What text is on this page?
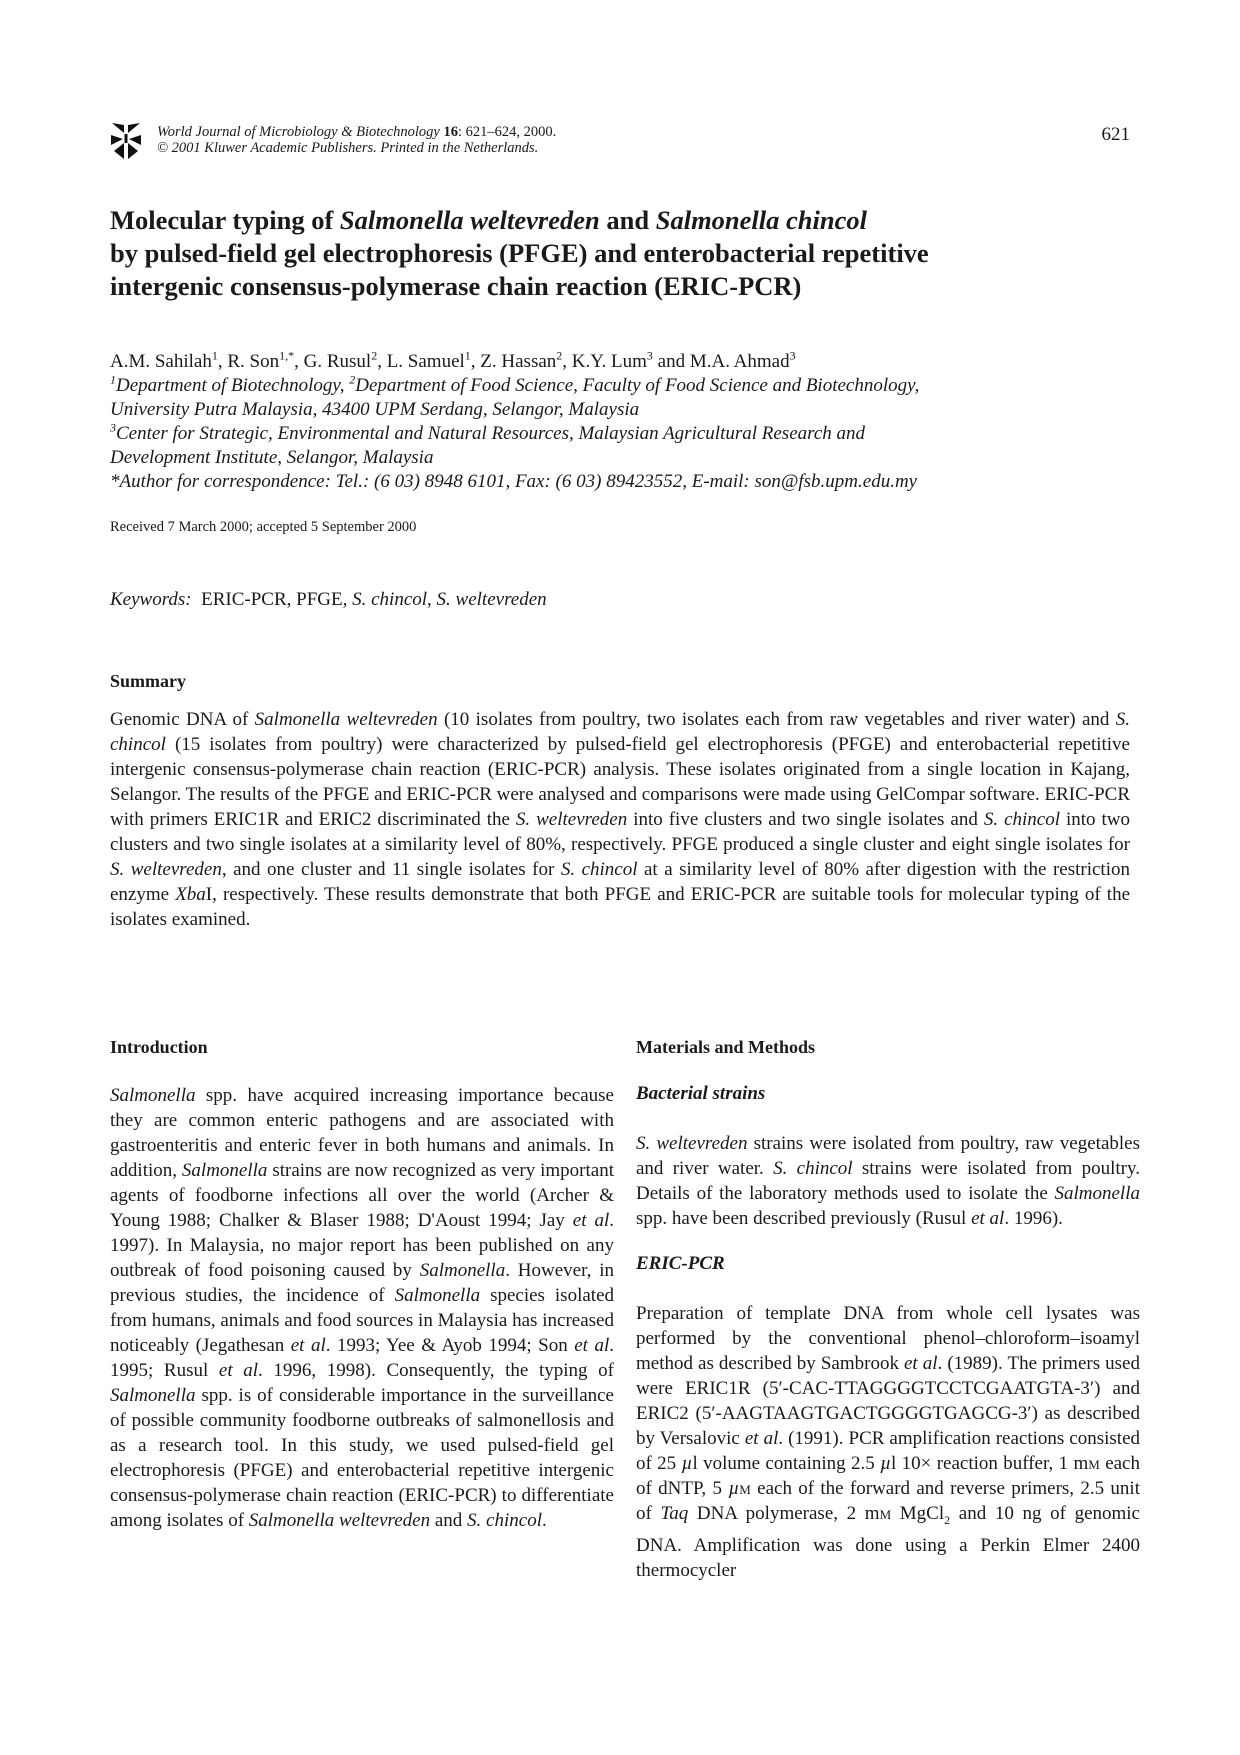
World Journal of Microbiology & Biotechnology 16: 621–624, 2000.
© 2001 Kluwer Academic Publishers. Printed in the Netherlands.
621
Molecular typing of Salmonella weltevreden and Salmonella chincol
by pulsed-field gel electrophoresis (PFGE) and enterobacterial repetitive
intergenic consensus-polymerase chain reaction (ERIC-PCR)
A.M. Sahilah$^1$, R. Son$^{1,*}$, G. Rusul$^2$, L. Samuel$^1$, Z. Hassan$^2$, K.Y. Lum$^3$ and M.A. Ahmad$^3$
$^1$Department of Biotechnology, $^2$Department of Food Science, Faculty of Food Science and Biotechnology,
University Putra Malaysia, 43400 UPM Serdang, Selangor, Malaysia
$^3$Center for Strategic, Environmental and Natural Resources, Malaysian Agricultural Research and
Development Institute, Selangor, Malaysia
*Author for correspondence: Tel.: (6 03) 8948 6101, Fax: (6 03) 89423552, E-mail: son@fsb.upm.edu.my
Received 7 March 2000; accepted 5 September 2000
Keywords: ERIC-PCR, PFGE, S. chincol, S. weltevreden
Summary

Genomic DNA of Salmonella weltevreden (10 isolates from poultry, two isolates each from raw vegetables and river water) and S. chincol (15 isolates from poultry) were characterized by pulsed-field gel electrophoresis (PFGE) and enterobacterial repetitive intergenic consensus-polymerase chain reaction (ERIC-PCR) analysis. These isolates originated from a single location in Kajang, Selangor. The results of the PFGE and ERIC-PCR were analysed and comparisons were made using GelCompar software. ERIC-PCR with primers ERIC1R and ERIC2 discriminated the S. weltevreden into five clusters and two single isolates and S. chincol into two clusters and two single isolates at a similarity level of 80%, respectively. PFGE produced a single cluster and eight single isolates for S. weltevreden, and one cluster and 11 single isolates for S. chincol at a similarity level of 80% after digestion with the restriction enzyme XbaI, respectively. These results demonstrate that both PFGE and ERIC-PCR are suitable tools for molecular typing of the isolates examined.

Introduction

Salmonella spp. have acquired increasing importance because they are common enteric pathogens and are associated with gastroenteritis and enteric fever in both humans and animals. In addition, Salmonella strains are now recognized as very important agents of foodborne infections all over the world (Archer & Young 1988; Chalker & Blaser 1988; D'Aoust 1994; Jay et al. 1997). In Malaysia, no major report has been published on any outbreak of food poisoning caused by Salmonella. However, in previous studies, the incidence of Salmonella species isolated from humans, animals and food sources in Malaysia has increased noticeably (Jegathesan et al. 1993; Yee & Ayob 1994; Son et al. 1995; Rusul et al. 1996, 1998). Consequently, the typing of Salmonella spp. is of considerable importance in the surveillance of possible community foodborne outbreaks of salmonellosis and as a research tool. In this study, we used pulsed-field gel electrophoresis (PFGE) and enterobacterial repetitive intergenic consensus-polymerase chain reaction (ERIC-PCR) to differentiate among isolates of Salmonella weltevreden and S. chincol.

Materials and Methods
Bacterial strains

S. weltevreden strains were isolated from poultry, raw vegetables and river water. S. chincol strains were isolated from poultry. Details of the laboratory methods used to isolate the Salmonella spp. have been described previously (Rusul et al. 1996).

ERIC-PCR

Preparation of template DNA from whole cell lysates was performed by the conventional phenol–chloroform–isoamyl method as described by Sambrook et al. (1989). The primers used were ERIC1R (5′-CAC-TTAGGGGTCCTCGAATGTA-3′) and ERIC2 (5′-AAGTAAGTGACTGGGGTGAGCG-3′) as described by Versalovic et al. (1991). PCR amplification reactions consisted of 25 µl volume containing 2.5 µl 10× reaction buffer, 1 mm each of dNTP, 5 µm each of the forward and reverse primers, 2.5 unit of Taq DNA polymerase, 2 mm MgCl$_2$ and 10 ng of genomic DNA. Amplification was done using a Perkin Elmer 2400 thermocycler
